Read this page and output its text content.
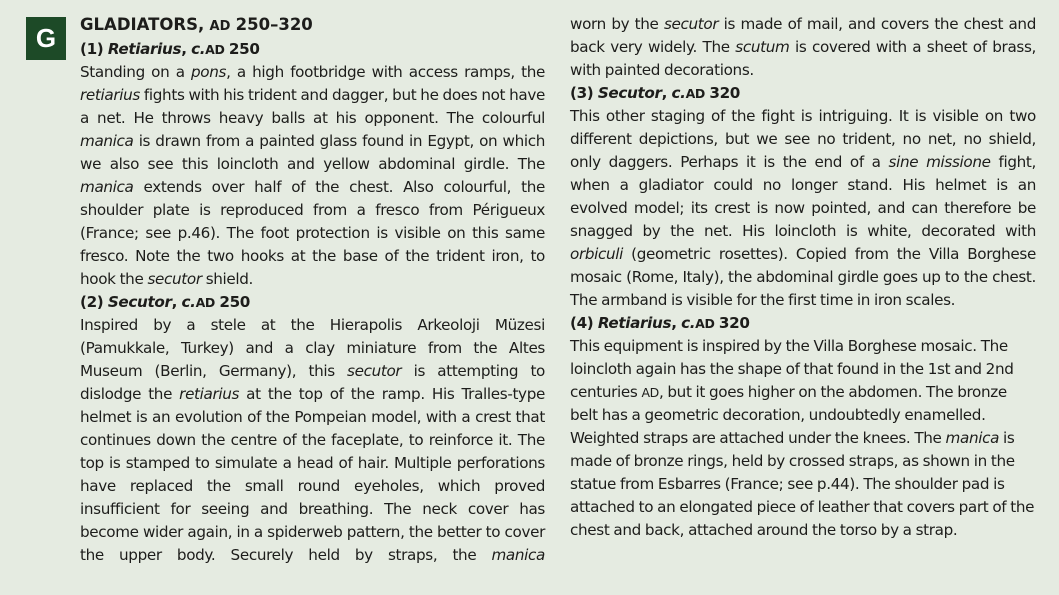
G	GLADIATORS, AD 250–320
(1) Retiarius, c.AD 250

Standing on a pons, a high footbridge with access ramps, the retiarius fights with his trident and dagger, but he does not have a net. He throws heavy balls at his opponent. The colourful manica is drawn from a painted glass found in Egypt, on which we also see this loincloth and yellow abdominal girdle. The manica extends over half of the chest. Also colourful, the shoulder plate is reproduced from a fresco from Périgueux (France; see p.46). The foot protection is visible on this same fresco. Note the two hooks at the base of the trident iron, to hook the secutor shield.

(2) Secutor, c.AD 250

Inspired by a stele at the Hierapolis Arkeoloji Müzesi (Pamukkale, Turkey) and a clay miniature from the Altes Museum (Berlin, Germany), this secutor is attempting to dislodge the retiarius at the top of the ramp. His Tralles-type helmet is an evolution of the Pompeian model, with a crest that continues down the centre of the faceplate, to reinforce it. The top is stamped to simulate a head of hair. Multiple perforations have replaced the small round eyeholes, which proved insufficient for seeing and breathing. The neck cover has become wider again, in a spiderweb pattern, the better to cover the upper body. Securely held by straps, the manica

worn by the secutor is made of mail, and covers the chest and back very widely. The scutum is covered with a sheet of brass, with painted decorations.

(3) Secutor, c.AD 320

This other staging of the fight is intriguing. It is visible on two different depictions, but we see no trident, no net, no shield, only daggers. Perhaps it is the end of a sine missione fight, when a gladiator could no longer stand. His helmet is an evolved model; its crest is now pointed, and can therefore be snagged by the net. His loincloth is white, decorated with orbiculi (geometric rosettes). Copied from the Villa Borghese mosaic (Rome, Italy), the abdominal girdle goes up to the chest. The armband is visible for the first time in iron scales.

(4) Retiarius, c.AD 320

This equipment is inspired by the Villa Borghese mosaic. The loincloth again has the shape of that found in the 1st and 2nd centuries AD, but it goes higher on the abdomen. The bronze belt has a geometric decoration, undoubtedly enamelled. Weighted straps are attached under the knees. The manica is made of bronze rings, held by crossed straps, as shown in the statue from Esbarres (France; see p.44). The shoulder pad is attached to an elongated piece of leather that covers part of the chest and back, attached around the torso by a strap.
